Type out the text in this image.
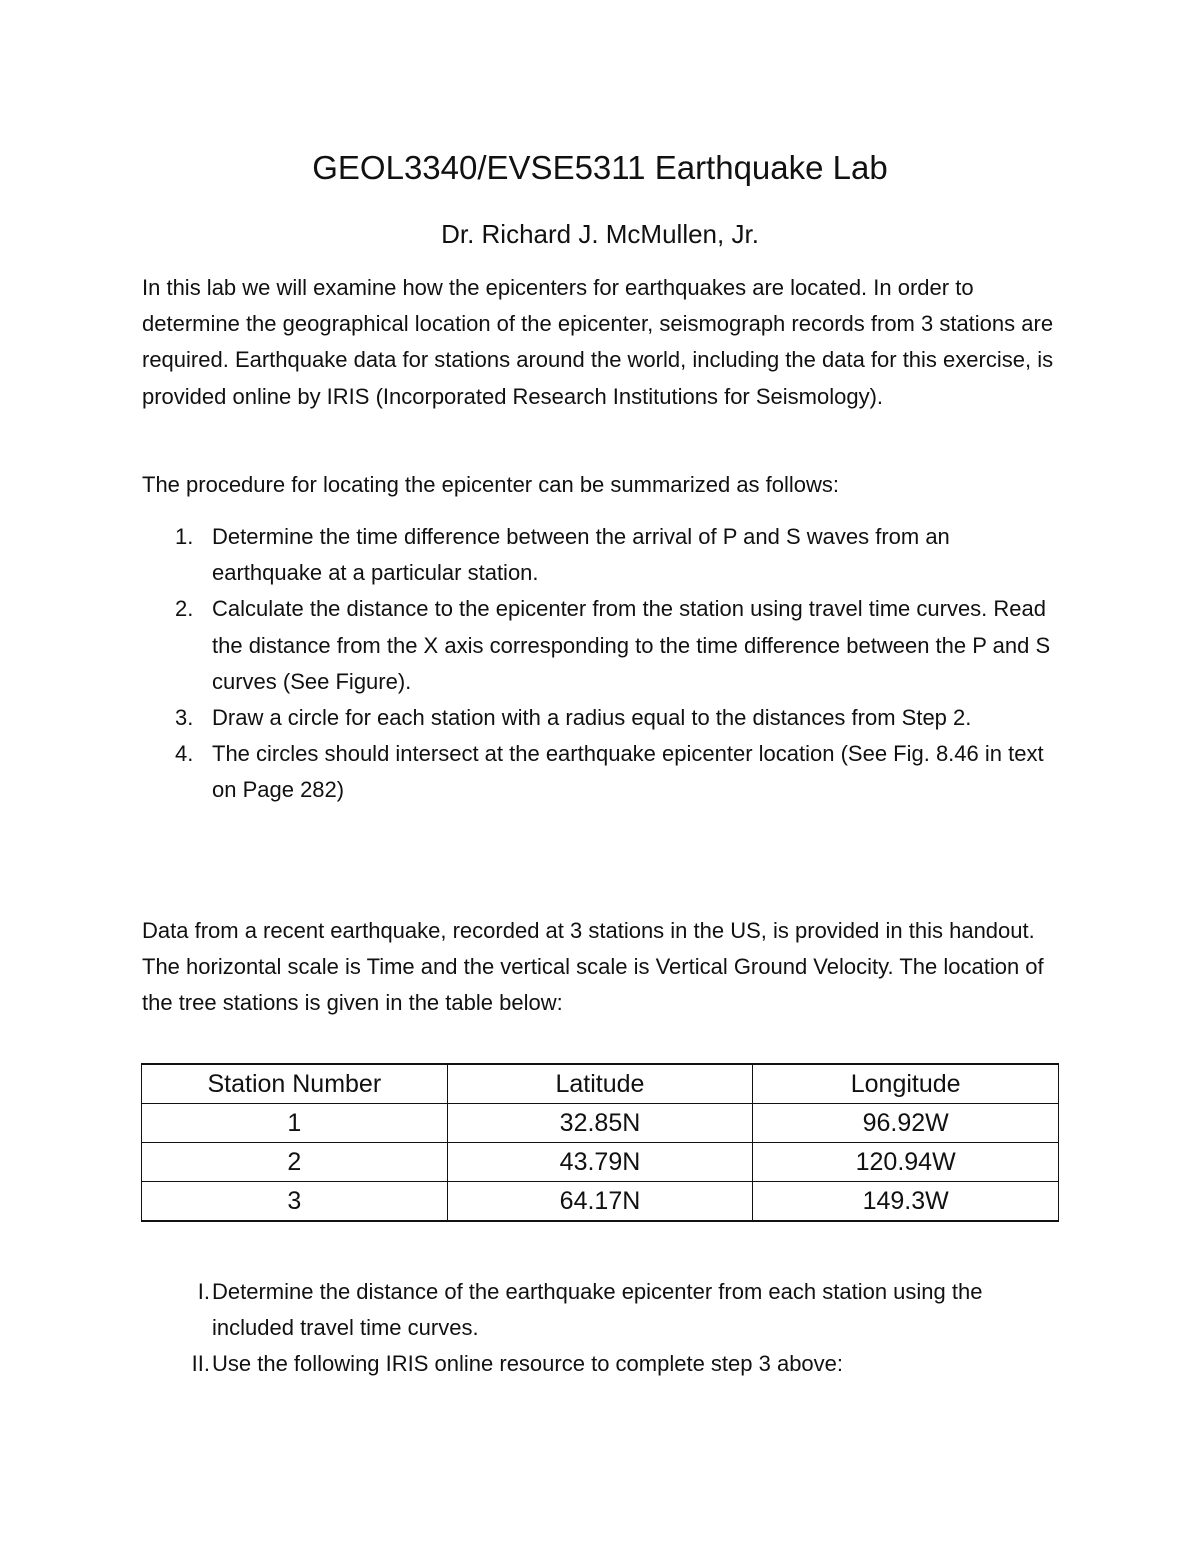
GEOL3340/EVSE5311 Earthquake Lab
Dr. Richard J. McMullen, Jr.

In this lab we will examine how the epicenters for earthquakes are located. In order to determine the geographical location of the epicenter, seismograph records from 3 stations are required. Earthquake data for stations around the world, including the data for this exercise, is provided online by IRIS (Incorporated Research Institutions for Seismology).

The procedure for locating the epicenter can be summarized as follows:

1. Determine the time difference between the arrival of P and S waves from an earthquake at a particular station.
2. Calculate the distance to the epicenter from the station using travel time curves. Read the distance from the X axis corresponding to the time difference between the P and S curves (See Figure).
3. Draw a circle for each station with a radius equal to the distances from Step 2.
4. The circles should intersect at the earthquake epicenter location (See Fig. 8.46 in text on Page 282)

Data from a recent earthquake, recorded at 3 stations in the US, is provided in this handout. The horizontal scale is Time and the vertical scale is Vertical Ground Velocity. The location of the tree stations is given in the table below:

Station Number	Latitude	Longitude
1	32.85N	96.92W
2	43.79N	120.94W
3	64.17N	149.3W
I. Determine the distance of the earthquake epicenter from each station using the included travel time curves.
II. Use the following IRIS online resource to complete step 3 above:
